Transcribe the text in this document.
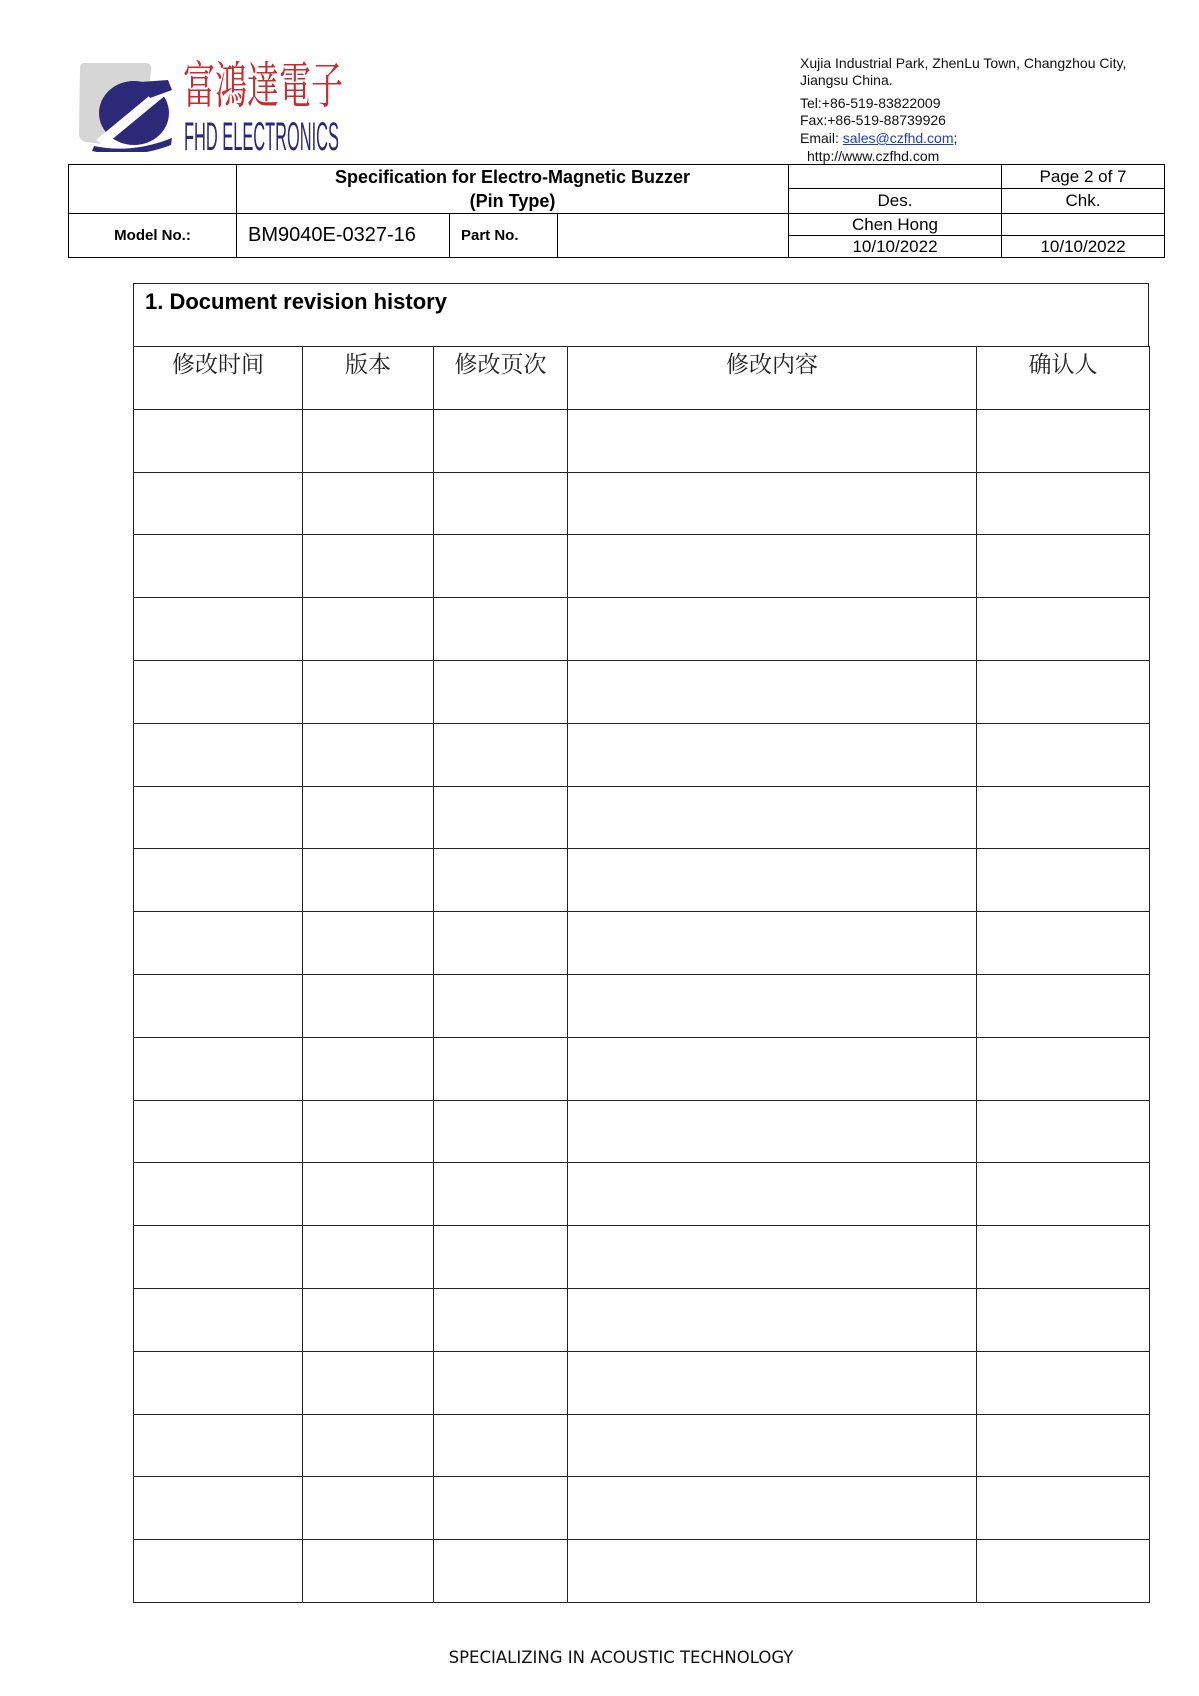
富鴻達電子
FHD ELECTRONICS
Xujia Industrial Park, ZhenLu Town, Changzhou City,
Jiangsu China.
Tel:+86-519-83822009
Fax:+86-519-88739926
Email: sales@czfhd.com;
http://www.czfhd.com
Specification for Electro-Magnetic Buzzer
(Pin Type)
Model No.:	BM9040E-0327-16	Part No.
Page 2 of 7
Des.	Chk.
Chen Hong
10/10/2022	10/10/2022
1. Document revision history
修改时间	版本	修改页次	修改内容	确认人

SPECIALIZING IN ACOUSTIC TECHNOLOGY
